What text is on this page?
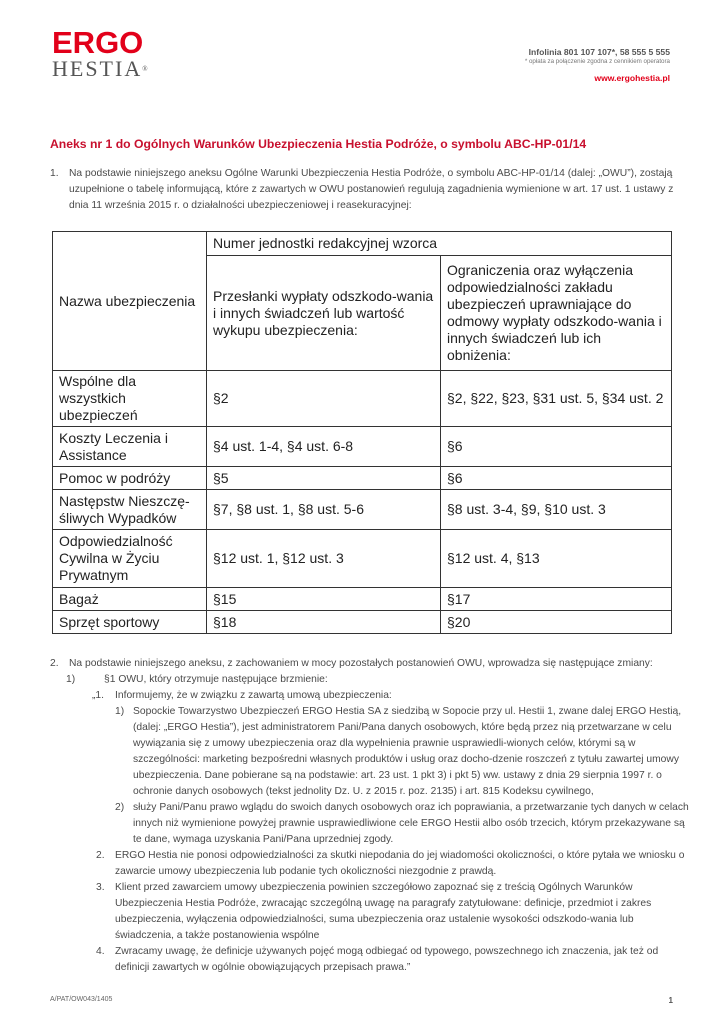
ERGO
HESTIA®
Infolinia 801 107 107*, 58 555 5 555
* opłata za połączenie zgodna z cennikiem operatora
www.ergohestia.pl
Aneks nr 1 do Ogólnych Warunków Ubezpieczenia Hestia Podróże, o symbolu ABC-HP-01/14
1. Na podstawie niniejszego aneksu Ogólne Warunki Ubezpieczenia Hestia Podróże, o symbolu ABC-HP-01/14 (dalej: „OWU”), zostają uzupełnione o tabelę informującą, które z zawartych w OWU postanowień regulują zagadnienia wymienione w art. 17 ust. 1 ustawy z dnia 11 września 2015 r. o działalności ubezpieczeniowej i reasekuracyjnej:
Nazwa ubezpieczenia	Numer jednostki redakcyjnej wzorca	
	Przesłanki wypłaty odszkodo-wania i innych świadczeń lub wartość wykupu ubezpieczenia:	Ograniczenia oraz wyłączenia odpowiedzialności zakładu ubezpieczeń uprawniające do odmowy wypłaty odszkodo-wania i innych świadczeń lub ich obniżenia:
Wspólne dla wszystkich ubezpieczeń	§2	§2, §22, §23, §31 ust. 5, §34 ust. 2
Koszty Leczenia i Assistance	§4 ust. 1-4, §4 ust. 6-8	§6
Pomoc w podróży	§5	§6
Następstw Nieszczę-śliwych Wypadków	§7, §8 ust. 1, §8 ust. 5-6	§8 ust. 3-4, §9, §10 ust. 3
Odpowiedzialność Cywilna w Życiu Prywatnym	§12 ust. 1, §12 ust. 3	§12 ust. 4, §13
Bagaż	§15	§17
Sprzęt sportowy	§18	§20
2. Na podstawie niniejszego aneksu, z zachowaniem w mocy pozostałych postanowień OWU, wprowadza się następujące zmiany:
1)	§1 OWU, który otrzymuje następujące brzmienie:
„1. Informujemy, że w związku z zawartą umową ubezpieczenia:
1) Sopockie Towarzystwo Ubezpieczeń ERGO Hestia SA z siedzibą w Sopocie przy ul. Hestii 1, zwane dalej ERGO Hestią, (dalej: „ERGO Hestia”), jest administratorem Pani/Pana danych osobowych, które będą przez nią przetwarzane w celu wywiązania się z umowy ubezpieczenia oraz dla wypełnienia prawnie usprawiedli-wionych celów, którymi są w szczególności: marketing bezpośredni własnych produktów i usług oraz docho-dzenie roszczeń z tytułu zawartej umowy ubezpieczenia. Dane pobierane są na podstawie: art. 23 ust. 1 pkt 3) i pkt 5) ww. ustawy z dnia 29 sierpnia 1997 r. o ochronie danych osobowych (tekst jednolity Dz. U. z 2015 r. poz. 2135) i art. 815 Kodeksu cywilnego,
2) służy Pani/Panu prawo wglądu do swoich danych osobowych oraz ich poprawiania, a przetwarzanie tych danych w celach innych niż wymienione powyżej prawnie usprawiedliwione cele ERGO Hestii albo osób trzecich, którym przekazywane są te dane, wymaga uzyskania Pani/Pana uprzedniej zgody.
2. ERGO Hestia nie ponosi odpowiedzialności za skutki niepodania do jej wiadomości okoliczności, o które pytała we wniosku o zawarcie umowy ubezpieczenia lub podanie tych okoliczności niezgodnie z prawdą.
3. Klient przed zawarciem umowy ubezpieczenia powinien szczegółowo zapoznać się z treścią Ogólnych Warunków Ubezpieczenia Hestia Podróże, zwracając szczególną uwagę na paragrafy zatytułowane: definicje, przedmiot i zakres ubezpieczenia, wyłączenia odpowiedzialności, suma ubezpieczenia oraz ustalenie wysokości odszkodo-wania lub świadczenia, a także postanowienia wspólne
4. Zwracamy uwagę, że definicje używanych pojęć mogą odbiegać od typowego, powszechnego ich znaczenia, jak też od definicji zawartych w ogólnie obowiązujących przepisach prawa.”
A/PAT/OW043/1405	1
